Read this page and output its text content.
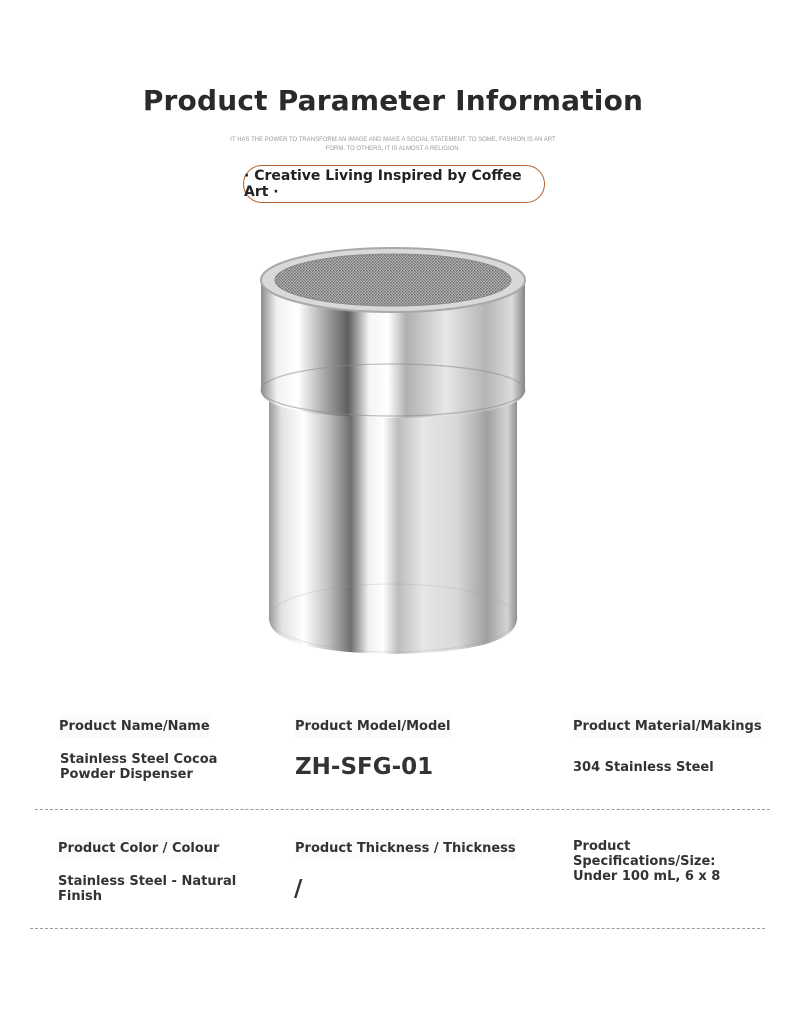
Product Parameter Information
IT HAS THE POWER TO TRANSFORM AN IMAGE AND MAKE A SOCIAL STATEMENT. TO SOME, FASHION IS AN ART FORM. TO OTHERS, IT IS ALMOST A RELIGION.
· Creative Living Inspired by Coffee Art ·
Product Name/Name
Stainless Steel Cocoa Powder Dispenser
Product Model/Model
ZH-SFG-01
Product Material/Makings
304 Stainless Steel
Product Color / Colour
Stainless Steel - Natural Finish
Product Thickness / Thickness
/
Product Specifications/Size:
Under 100 mL, 6 x 8
